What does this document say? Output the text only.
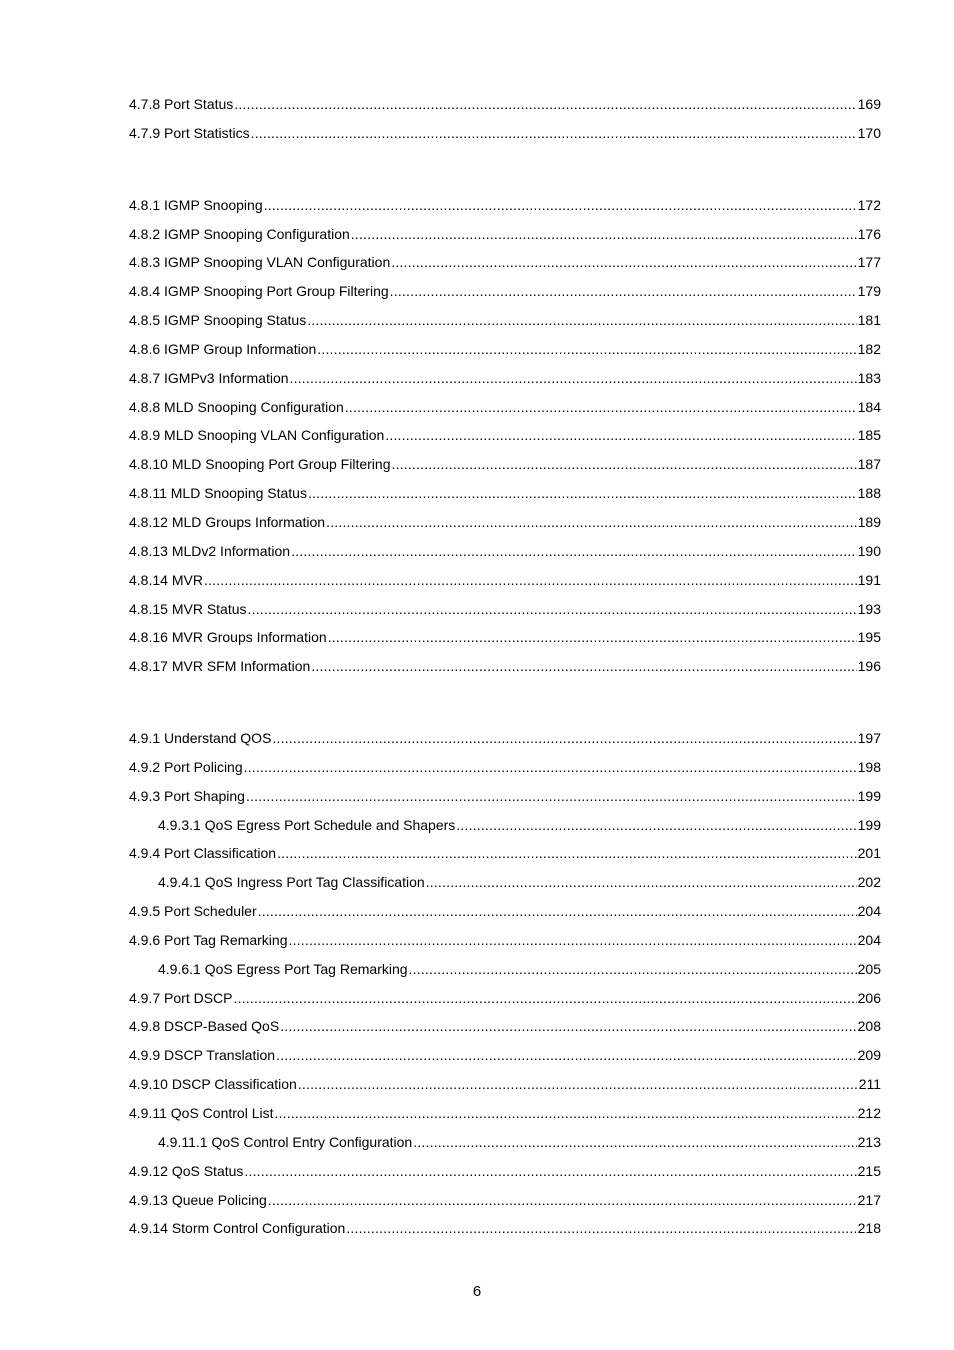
4.7.8 Port Status .....	169
4.7.9 Port Statistics .....	170
4.8.1 IGMP Snooping .....	172
4.8.2 IGMP Snooping Configuration .....	176
4.8.3 IGMP Snooping VLAN Configuration .....	177
4.8.4 IGMP Snooping Port Group Filtering .....	179
4.8.5 IGMP Snooping Status .....	181
4.8.6 IGMP Group Information .....	182
4.8.7 IGMPv3 Information .....	183
4.8.8 MLD Snooping Configuration .....	184
4.8.9 MLD Snooping VLAN Configuration .....	185
4.8.10 MLD Snooping Port Group Filtering .....	187
4.8.11 MLD Snooping Status .....	188
4.8.12 MLD Groups Information .....	189
4.8.13 MLDv2 Information .....	190
4.8.14 MVR .....	191
4.8.15 MVR Status .....	193
4.8.16 MVR Groups Information .....	195
4.8.17 MVR SFM Information .....	196
4.9.1 Understand QOS .....	197
4.9.2 Port Policing .....	198
4.9.3 Port Shaping .....	199
4.9.3.1 QoS Egress Port Schedule and Shapers .....	199
4.9.4 Port Classification .....	201
4.9.4.1 QoS Ingress Port Tag Classification .....	202
4.9.5 Port Scheduler .....	204
4.9.6 Port Tag Remarking .....	204
4.9.6.1 QoS Egress Port Tag Remarking .....	205
4.9.7 Port DSCP .....	206
4.9.8 DSCP-Based QoS .....	208
4.9.9 DSCP Translation .....	209
4.9.10 DSCP Classification .....	211
4.9.11 QoS Control List .....	212
4.9.11.1 QoS Control Entry Configuration .....	213
4.9.12 QoS Status .....	215
4.9.13 Queue Policing .....	217
4.9.14 Storm Control Configuration .....	218
6
